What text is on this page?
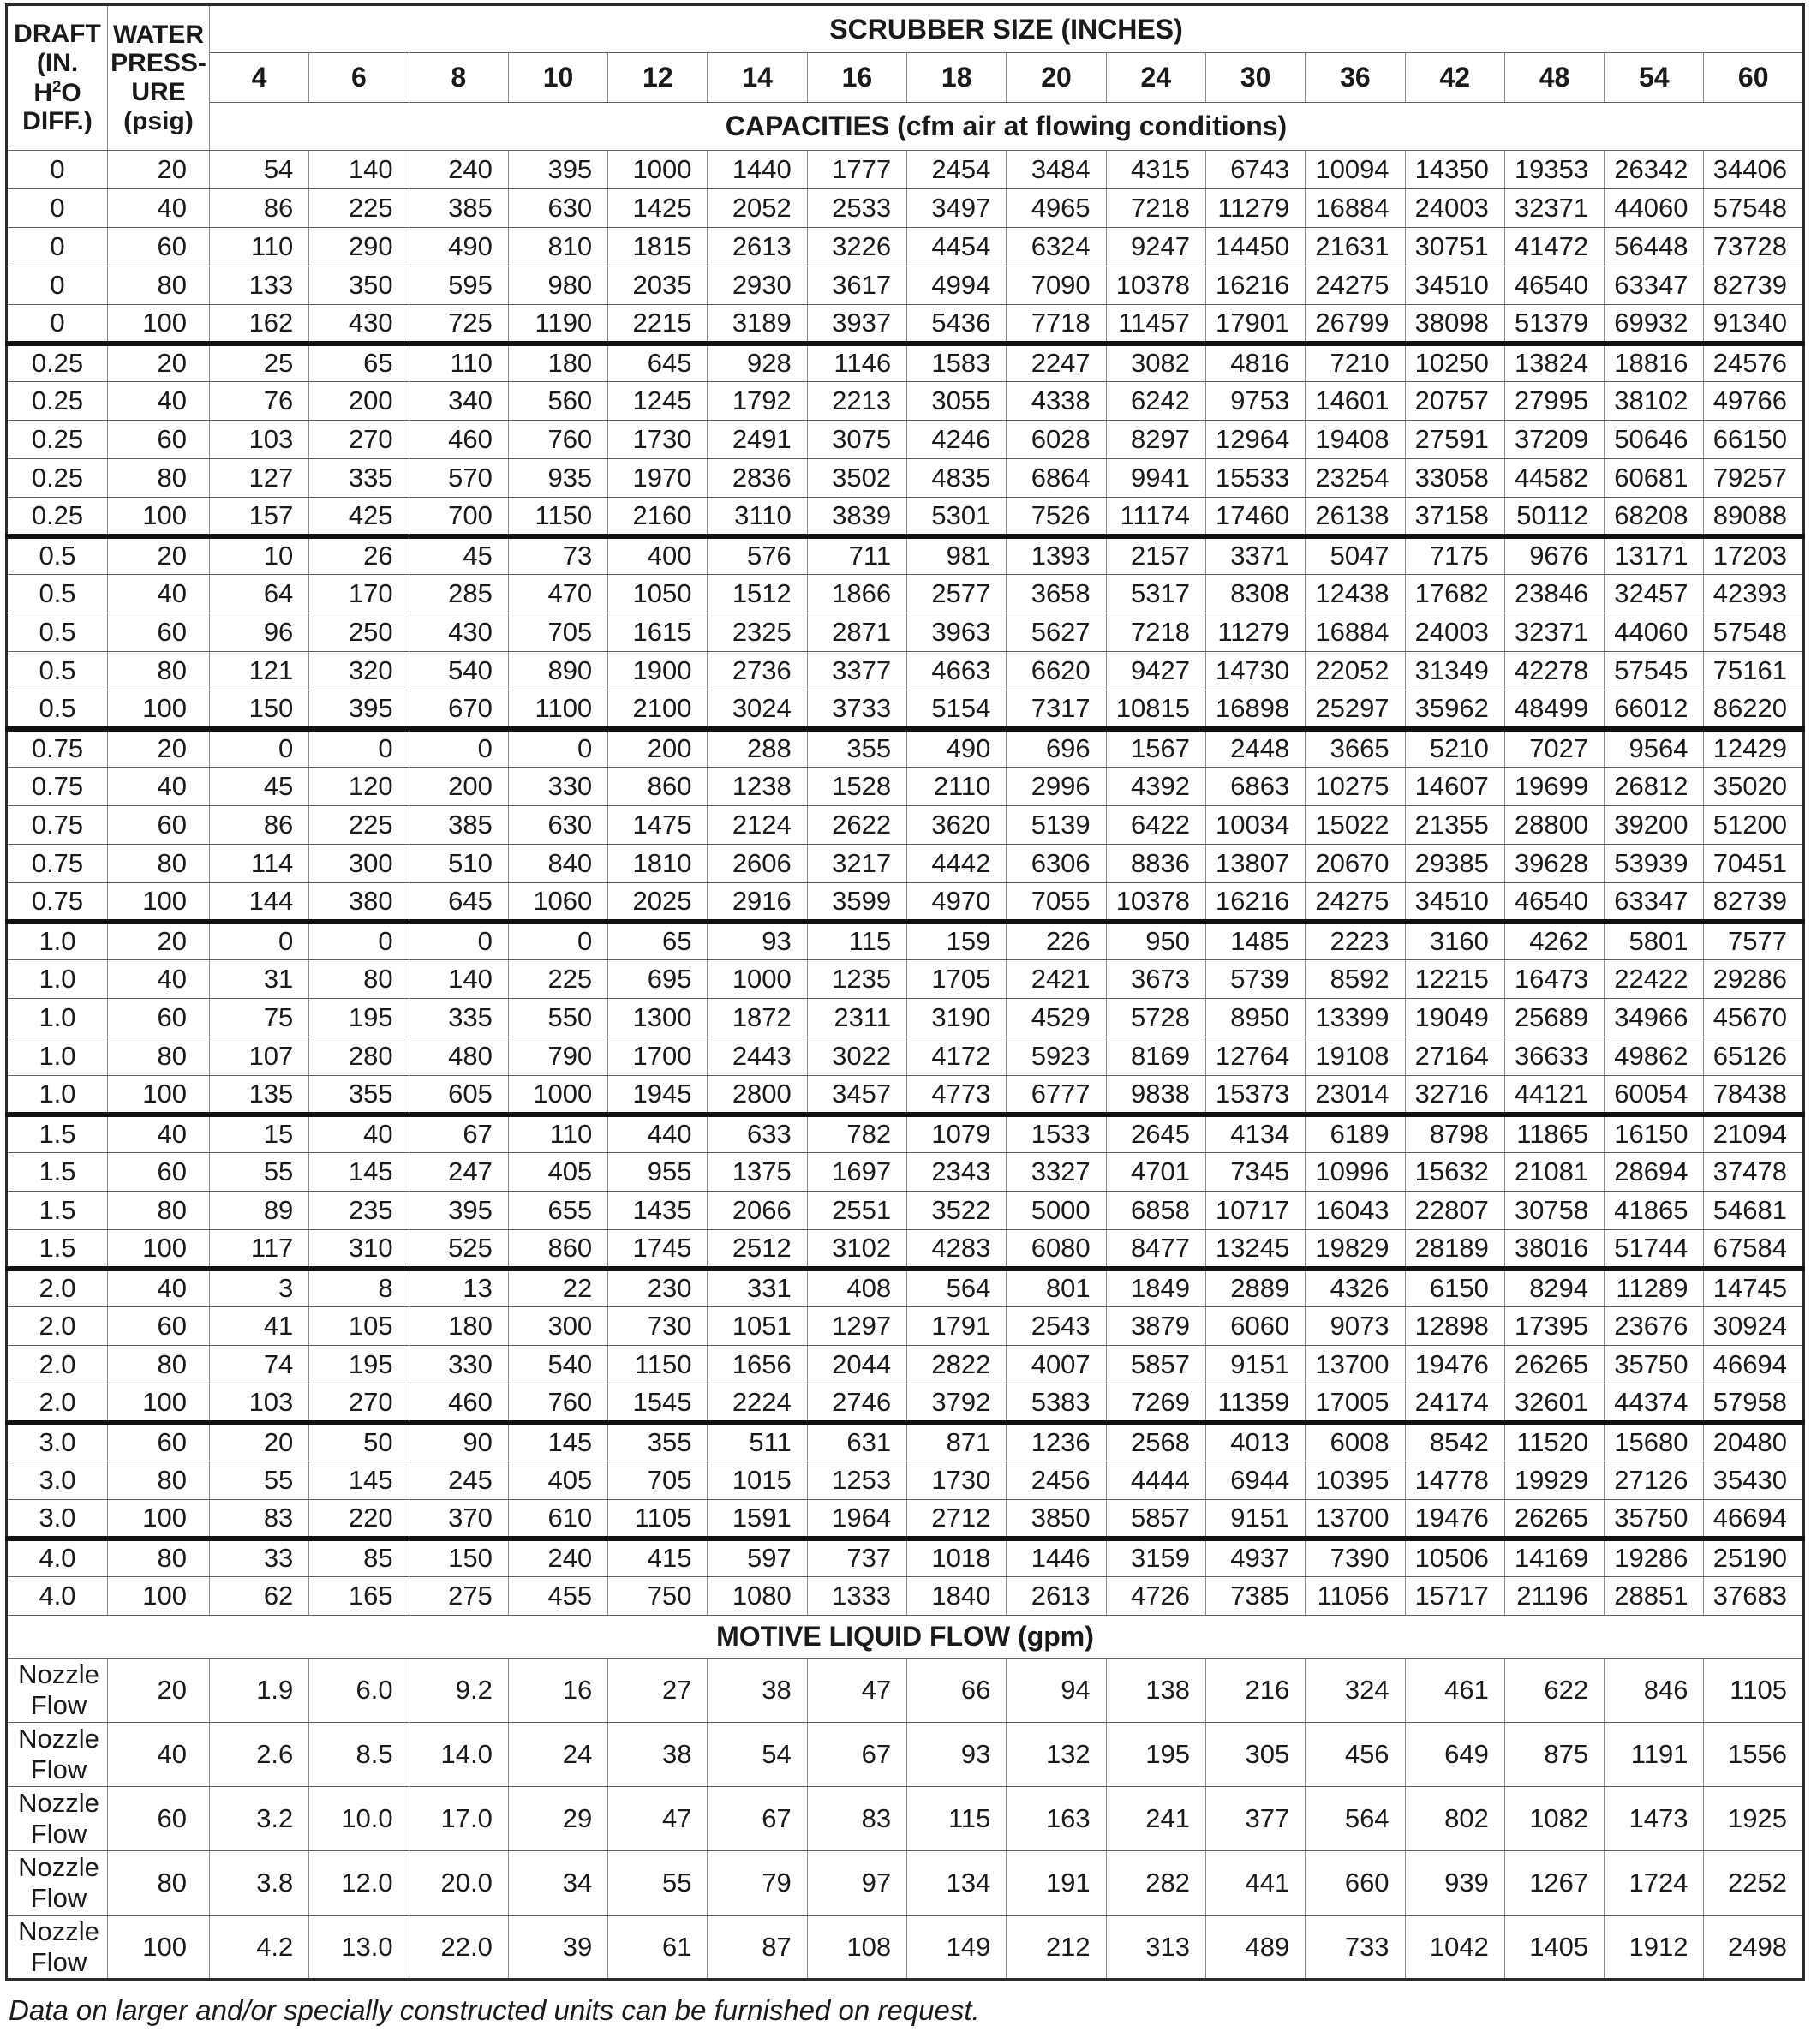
DRAFT
(IN.
$H^2O$
DIFF.)

WATER
PRESS-
URE
(psig)
	SCRUBBER SIZE (INCHES)
		4	6	8	10	12	14	16	18	20	24	30	36	42	48	54	60
		CAPACITIES (cfm air at flowing conditions)															
0	20	54	140	240	395	1000	1440	1777	2454	3484	4315	6743	10094	14350	19353	26342	34406
0	40	86	225	385	630	1425	2052	2533	3497	4965	7218	11279	16884	24003	32371	44060	57548
0	60	110	290	490	810	1815	2613	3226	4454	6324	9247	14450	21631	30751	41472	56448	73728
0	80	133	350	595	980	2035	2930	3617	4994	7090	10378	16216	24275	34510	46540	63347	82739
0	100	162	430	725	1190	2215	3189	3937	5436	7718	11457	17901	26799	38098	51379	69932	91340
0.25	20	25	65	110	180	645	928	1146	1583	2247	3082	4816	7210	10250	13824	18816	24576
0.25	40	76	200	340	560	1245	1792	2213	3055	4338	6242	9753	14601	20757	27995	38102	49766
0.25	60	103	270	460	760	1730	2491	3075	4246	6028	8297	12964	19408	27591	37209	50646	66150
0.25	80	127	335	570	935	1970	2836	3502	4835	6864	9941	15533	23254	33058	44582	60681	79257
0.25	100	157	425	700	1150	2160	3110	3839	5301	7526	11174	17460	26138	37158	50112	68208	89088
0.5	20	10	26	45	73	400	576	711	981	1393	2157	3371	5047	7175	9676	13171	17203
0.5	40	64	170	285	470	1050	1512	1866	2577	3658	5317	8308	12438	17682	23846	32457	42393
0.5	60	96	250	430	705	1615	2325	2871	3963	5627	7218	11279	16884	24003	32371	44060	57548
0.5	80	121	320	540	890	1900	2736	3377	4663	6620	9427	14730	22052	31349	42278	57545	75161
0.5	100	150	395	670	1100	2100	3024	3733	5154	7317	10815	16898	25297	35962	48499	66012	86220
0.75	20	0	0	0	0	200	288	355	490	696	1567	2448	3665	5210	7027	9564	12429
0.75	40	45	120	200	330	860	1238	1528	2110	2996	4392	6863	10275	14607	19699	26812	35020
0.75	60	86	225	385	630	1475	2124	2622	3620	5139	6422	10034	15022	21355	28800	39200	51200
0.75	80	114	300	510	840	1810	2606	3217	4442	6306	8836	13807	20670	29385	39628	53939	70451
0.75	100	144	380	645	1060	2025	2916	3599	4970	7055	10378	16216	24275	34510	46540	63347	82739
1.0	20	0	0	0	0	65	93	115	159	226	950	1485	2223	3160	4262	5801	7577
1.0	40	31	80	140	225	695	1000	1235	1705	2421	3673	5739	8592	12215	16473	22422	29286
1.0	60	75	195	335	550	1300	1872	2311	3190	4529	5728	8950	13399	19049	25689	34966	45670
1.0	80	107	280	480	790	1700	2443	3022	4172	5923	8169	12764	19108	27164	36633	49862	65126
1.0	100	135	355	605	1000	1945	2800	3457	4773	6777	9838	15373	23014	32716	44121	60054	78438
1.5	40	15	40	67	110	440	633	782	1079	1533	2645	4134	6189	8798	11865	16150	21094
1.5	60	55	145	247	405	955	1375	1697	2343	3327	4701	7345	10996	15632	21081	28694	37478
1.5	80	89	235	395	655	1435	2066	2551	3522	5000	6858	10717	16043	22807	30758	41865	54681
1.5	100	117	310	525	860	1745	2512	3102	4283	6080	8477	13245	19829	28189	38016	51744	67584
2.0	40	3	8	13	22	230	331	408	564	801	1849	2889	4326	6150	8294	11289	14745
2.0	60	41	105	180	300	730	1051	1297	1791	2543	3879	6060	9073	12898	17395	23676	30924
2.0	80	74	195	330	540	1150	1656	2044	2822	4007	5857	9151	13700	19476	26265	35750	46694
2.0	100	103	270	460	760	1545	2224	2746	3792	5383	7269	11359	17005	24174	32601	44374	57958
3.0	60	20	50	90	145	355	511	631	871	1236	2568	4013	6008	8542	11520	15680	20480
3.0	80	55	145	245	405	705	1015	1253	1730	2456	4444	6944	10395	14778	19929	27126	35430
3.0	100	83	220	370	610	1105	1591	1964	2712	3850	5857	9151	13700	19476	26265	35750	46694
4.0	80	33	85	150	240	415	597	737	1018	1446	3159	4937	7390	10506	14169	19286	25190
4.0	100	62	165	275	455	750	1080	1333	1840	2613	4726	7385	11056	15717	21196	28851	37683
MOTIVE LIQUID FLOW (gpm)																	

Nozzle
Flow	20	1.9	6.0	9.2	16	27	38	47	66	94	138	216	324	461	622	846	1105

Nozzle
Flow	40	2.6	8.5	14.0	24	38	54	67	93	132	195	305	456	649	875	1191	1556

Nozzle
Flow	60	3.2	10.0	17.0	29	47	67	83	115	163	241	377	564	802	1082	1473	1925

Nozzle
Flow	80	3.8	12.0	20.0	34	55	79	97	134	191	282	441	660	939	1267	1724	2252

Nozzle
Flow	100	4.2	13.0	22.0	39	61	87	108	149	212	313	489	733	1042	1405	1912	2498
Data on larger and/or specially constructed units can be furnished on request.
